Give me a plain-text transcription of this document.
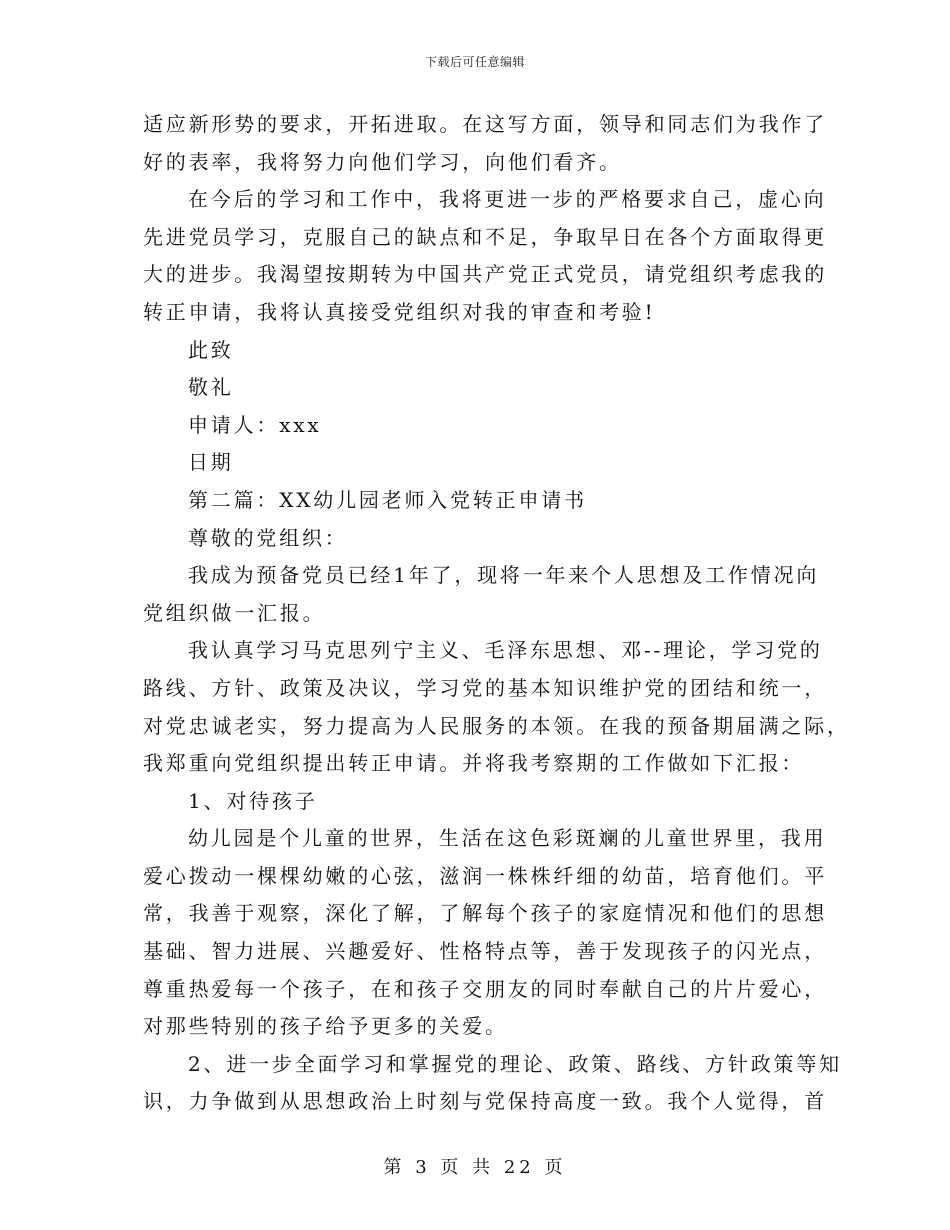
下载后可任意编辑
适应新形势的要求，开拓进取。在这写方面，领导和同志们为我作了
好的表率，我将努力向他们学习，向他们看齐。
在今后的学习和工作中，我将更进一步的严格要求自己，虚心向
先进党员学习，克服自己的缺点和不足，争取早日在各个方面取得更
大的进步。我渴望按期转为中国共产党正式党员，请党组织考虑我的
转正申请，我将认真接受党组织对我的审查和考验!
此致
敬礼
申请人：xxx
日期
第二篇：XX幼儿园老师入党转正申请书
尊敬的党组织：
我成为预备党员已经1年了，现将一年来个人思想及工作情况向
党组织做一汇报。
我认真学习马克思列宁主义、毛泽东思想、邓--理论，学习党的
路线、方针、政策及决议，学习党的基本知识维护党的团结和统一，
对党忠诚老实，努力提高为人民服务的本领。在我的预备期届满之际，
我郑重向党组织提出转正申请。并将我考察期的工作做如下汇报：
1、对待孩子
幼儿园是个儿童的世界，生活在这色彩斑斓的儿童世界里，我用
爱心拨动一棵棵幼嫩的心弦，滋润一株株纤细的幼苗，培育他们。平
常，我善于观察，深化了解，了解每个孩子的家庭情况和他们的思想
基础、智力进展、兴趣爱好、性格特点等，善于发现孩子的闪光点，
尊重热爱每一个孩子，在和孩子交朋友的同时奉献自己的片片爱心，
对那些特别的孩子给予更多的关爱。
2、进一步全面学习和掌握党的理论、政策、路线、方针政策等知
识，力争做到从思想政治上时刻与党保持高度一致。我个人觉得，首
第 3 页 共 22 页
